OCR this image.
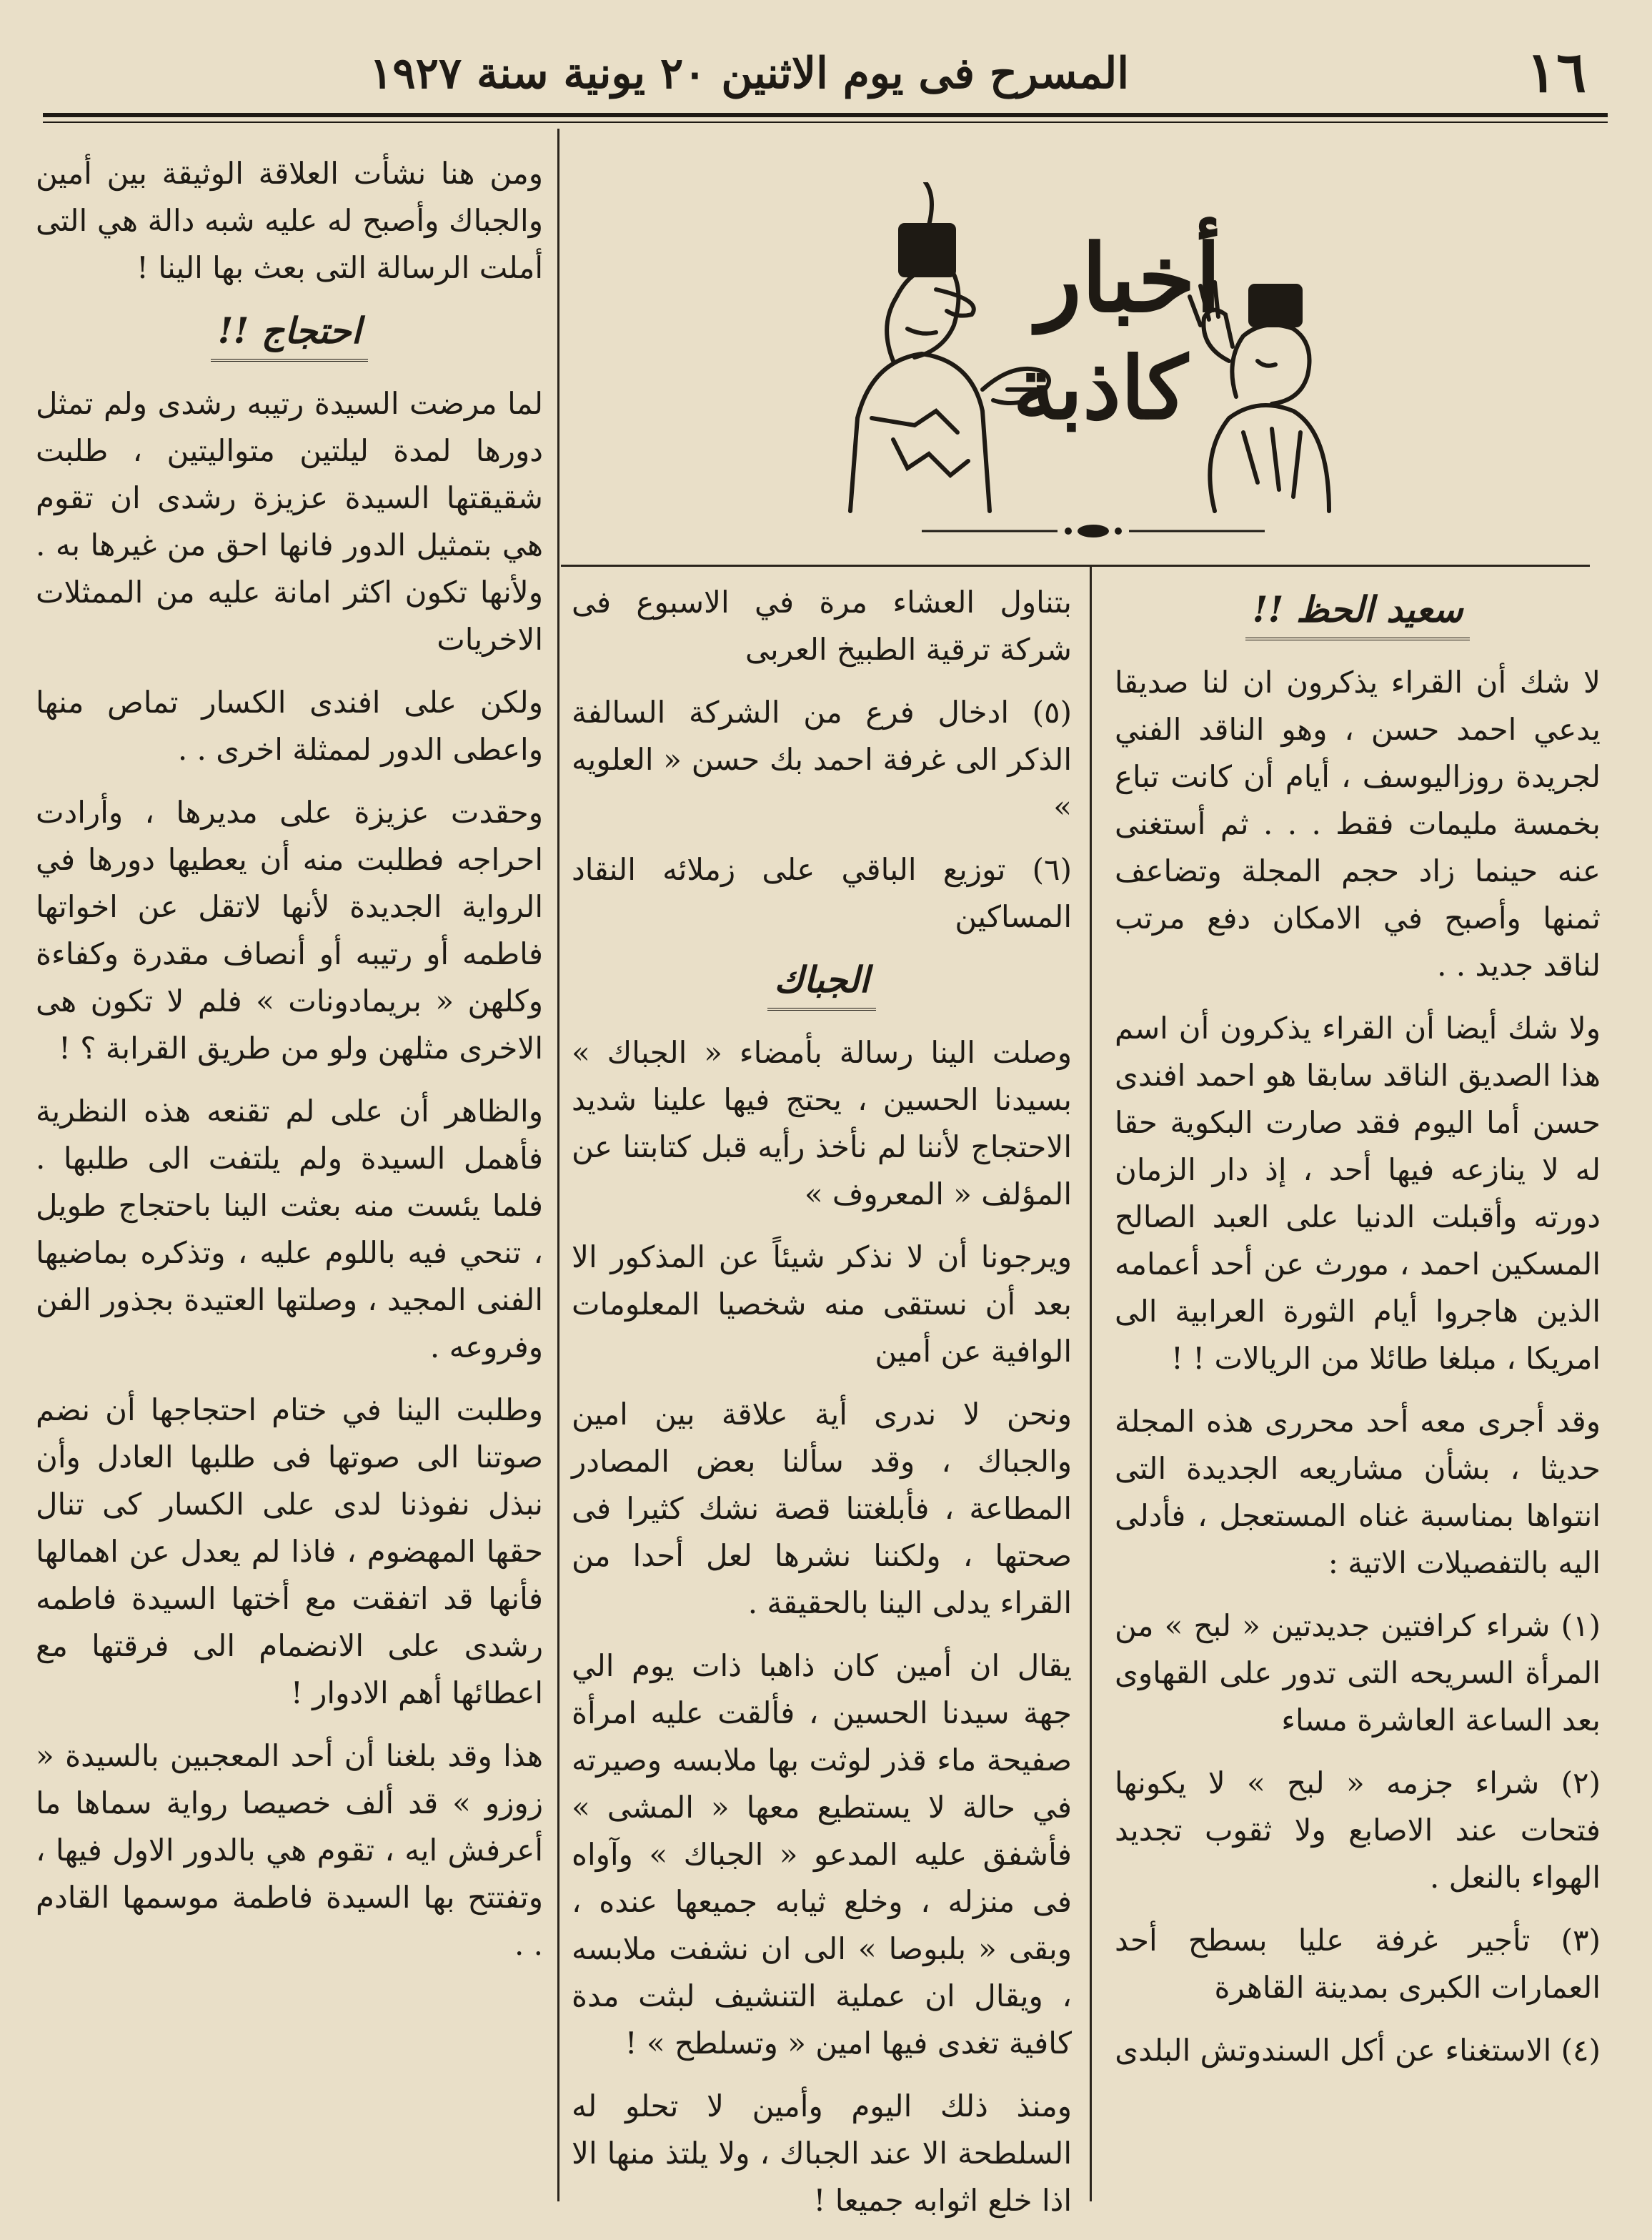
١٦
المسرح فى يوم الاثنين ٢٠ يونية سنة ١٩٢٧
أخبار
كاذبة
سعيد الحظ !!

لا شك أن القراء يذكرون ان لنا صديقا يدعي احمد حسن ، وهو الناقد الفني لجريدة روزاليوسف ، أيام أن كانت تباع بخمسة مليمات فقط . . . ثم أستغنى عنه حينما زاد حجم المجلة وتضاعف ثمنها وأصبح في الامكان دفع مرتب لناقد جديد . .

ولا شك أيضا أن القراء يذكرون أن اسم هذا الصديق الناقد سابقا هو احمد افندى حسن أما اليوم فقد صارت البكوية حقا له لا ينازعه فيها أحد ، إذ دار الزمان دورته وأقبلت الدنيا على العبد الصالح المسكين احمد ، مورث عن أحد أعمامه الذين هاجروا أيام الثورة العرابية الى امريكا ، مبلغا طائلا من الريالات ! !

وقد أجرى معه أحد محررى هذه المجلة حديثا ، بشأن مشاريعه الجديدة التى انتواها بمناسبة غناه المستعجل ، فأدلى اليه بالتفصيلات الاتية :

(١) شراء كرافتين جديدتين « لبح » من المرأة السريحه التى تدور على القهاوى بعد الساعة العاشرة مساء

(٢) شراء جزمه « لبح » لا يكونها فتحات عند الاصابع ولا ثقوب تجديد الهواء بالنعل .

(٣) تأجير غرفة عليا بسطح أحد العمارات الكبرى بمدينة القاهرة

(٤) الاستغناء عن أكل السندوتش البلدى

بتناول العشاء مرة في الاسبوع فى شركة ترقية الطبيخ العربى

(٥) ادخال فرع من الشركة السالفة الذكر الى غرفة احمد بك حسن « العلويه »

(٦) توزيع الباقي على زملائه النقاد المساكين

الجباك

وصلت الينا رسالة بأمضاء « الجباك » بسيدنا الحسين ، يحتج فيها علينا شديد الاحتجاج لأننا لم نأخذ رأيه قبل كتابتنا عن المؤلف « المعروف »

ويرجونا أن لا نذكر شيئاً عن المذكور الا بعد أن نستقى منه شخصيا المعلومات الوافية عن أمين

ونحن لا ندرى أية علاقة بين امين والجباك ، وقد سألنا بعض المصادر المطاعة ، فأبلغتنا قصة نشك كثيرا فى صحتها ، ولكننا نشرها لعل أحدا من القراء يدلى الينا بالحقيقة .

يقال ان أمين كان ذاهبا ذات يوم الي جهة سيدنا الحسين ، فألقت عليه امرأة صفيحة ماء قذر لوثت بها ملابسه وصيرته في حالة لا يستطيع معها « المشى » فأشفق عليه المدعو « الجباك » وآواه فى منزله ، وخلع ثيابه جميعها عنده ، وبقى « بلبوصا » الى ان نشفت ملابسه ، ويقال ان عملية التنشيف لبثت مدة كافية تغدى فيها امين « وتسلطح » !

ومنذ ذلك اليوم وأمين لا تحلو له السلطحة الا عند الجباك ، ولا يلتذ منها الا اذا خلع اثوابه جميعا !

ومن هنا نشأت العلاقة الوثيقة بين أمين والجباك وأصبح له عليه شبه دالة هي التى أملت الرسالة التى بعث بها الينا !

احتجاج !!

لما مرضت السيدة رتيبه رشدى ولم تمثل دورها لمدة ليلتين متواليتين ، طلبت شقيقتها السيدة عزيزة رشدى ان تقوم هي بتمثيل الدور فانها احق من غيرها به . ولأنها تكون اكثر امانة عليه من الممثلات الاخريات

ولكن على افندى الكسار تماص منها واعطى الدور لممثلة اخرى . .

وحقدت عزيزة على مديرها ، وأرادت احراجه فطلبت منه أن يعطيها دورها في الرواية الجديدة لأنها لاتقل عن اخواتها فاطمه أو رتيبه أو أنصاف مقدرة وكفاءة وكلهن « بريمادونات » فلم لا تكون هى الاخرى مثلهن ولو من طريق القرابة ؟ !

والظاهر أن على لم تقنعه هذه النظرية فأهمل السيدة ولم يلتفت الى طلبها . فلما يئست منه بعثت الينا باحتجاج طويل ، تنحي فيه باللوم عليه ، وتذكره بماضيها الفنى المجيد ، وصلتها العتيدة بجذور الفن وفروعه .

وطلبت الينا في ختام احتجاجها أن نضم صوتنا الى صوتها فى طلبها العادل وأن نبذل نفوذنا لدى على الكسار كى تنال حقها المهضوم ، فاذا لم يعدل عن اهمالها فأنها قد اتفقت مع أختها السيدة فاطمه رشدى على الانضمام الى فرقتها مع اعطائها أهم الادوار !

هذا وقد بلغنا أن أحد المعجبين بالسيدة « زوزو » قد ألف خصيصا رواية سماها ما أعرفش ايه ، تقوم هي بالدور الاول فيها ، وتفتتح بها السيدة فاطمة موسمها القادم . .
